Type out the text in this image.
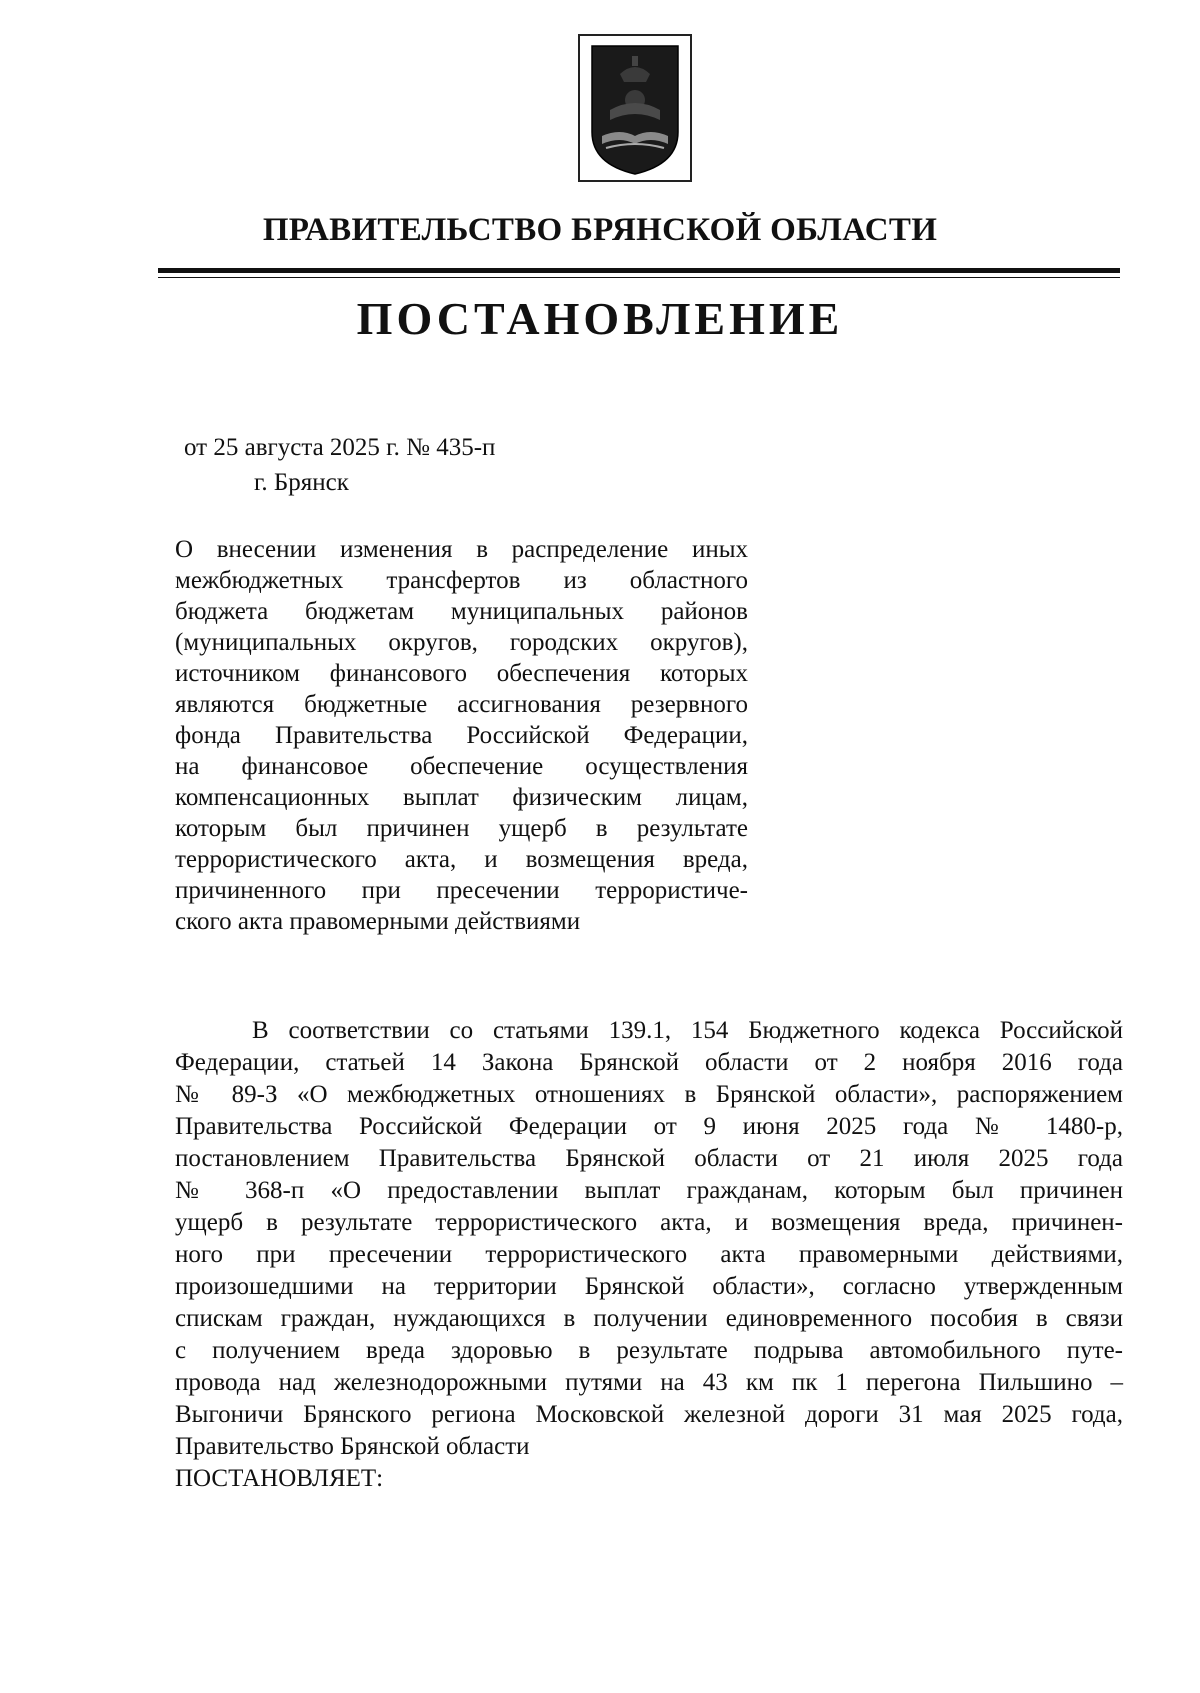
ПРАВИТЕЛЬСТВО БРЯНСКОЙ ОБЛАСТИ
ПОСТАНОВЛЕНИЕ
от 25 августа 2025 г. № 435-п
г. Брянск
О внесении изменения в распределение иных
межбюджетных трансфертов из областного
бюджета бюджетам муниципальных районов
(муниципальных округов, городских округов),
источником финансового обеспечения которых
являются бюджетные ассигнования резервного
фонда Правительства Российской Федерации,
на финансовое обеспечение осуществления
компенсационных выплат физическим лицам,
которым был причинен ущерб в результате
террористического акта, и возмещения вреда,
причиненного при пресечении террористиче-
ского акта правомерными действиями
В соответствии со статьями 139.1, 154 Бюджетного кодекса Российской
Федерации, статьей 14 Закона Брянской области от 2 ноября 2016 года
№ 89-З «О межбюджетных отношениях в Брянской области», распоряжением
Правительства Российской Федерации от 9 июня 2025 года № 1480-р,
постановлением Правительства Брянской области от 21 июля 2025 года
№ 368-п «О предоставлении выплат гражданам, которым был причинен
ущерб в результате террористического акта, и возмещения вреда, причинен-
ного при пресечении террористического акта правомерными действиями,
произошедшими на территории Брянской области», согласно утвержденным
спискам граждан, нуждающихся в получении единовременного пособия в связи
с получением вреда здоровью в результате подрыва автомобильного путе-
провода над железнодорожными путями на 43 км пк 1 перегона Пильшино –
Выгоничи Брянского региона Московской железной дороги 31 мая 2025 года,
Правительство Брянской области
ПОСТАНОВЛЯЕТ:
